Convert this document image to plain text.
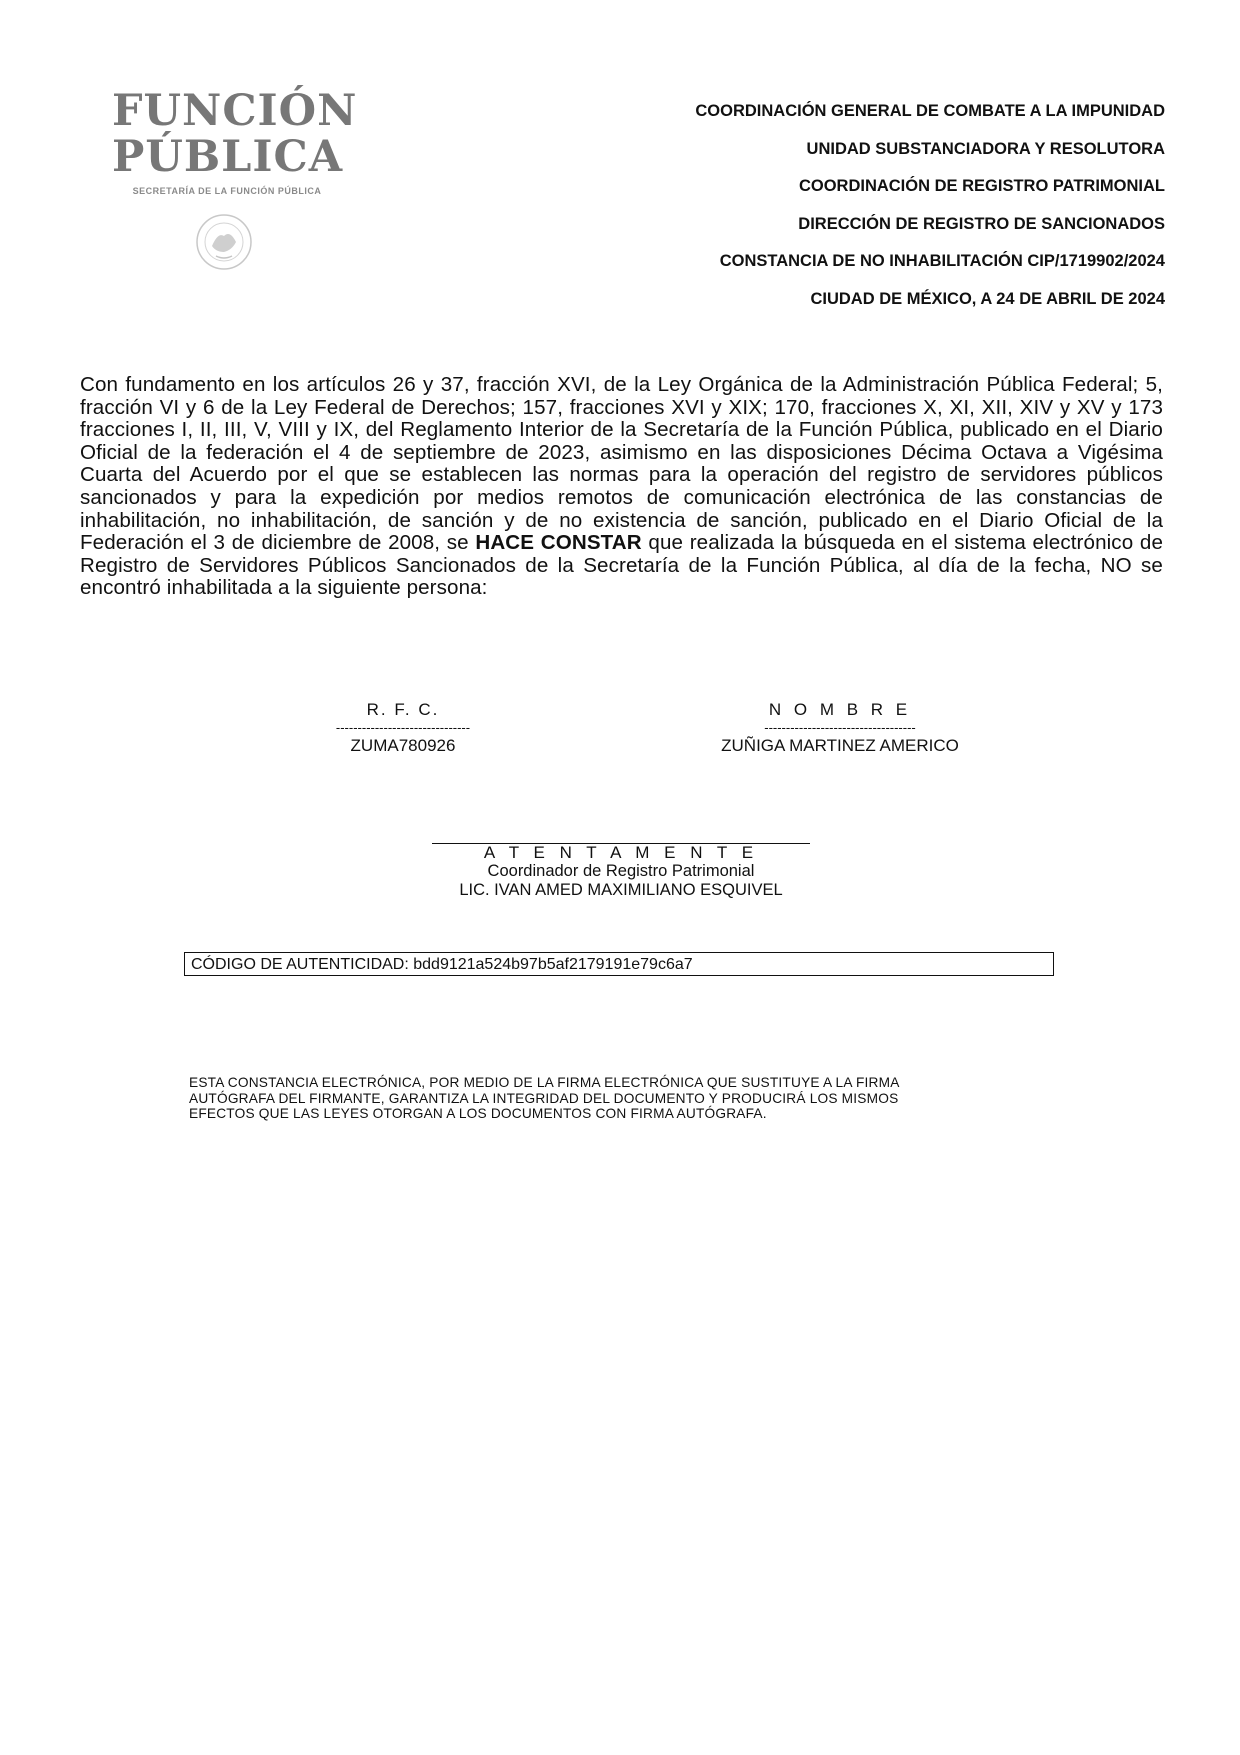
FUNCIÓN
PÚBLICA
SECRETARÍA DE LA FUNCIÓN PÚBLICA
COORDINACIÓN GENERAL DE COMBATE A LA IMPUNIDAD
UNIDAD SUBSTANCIADORA Y RESOLUTORA
COORDINACIÓN DE REGISTRO PATRIMONIAL
DIRECCIÓN DE REGISTRO DE SANCIONADOS
CONSTANCIA DE NO INHABILITACIÓN CIP/1719902/2024
CIUDAD DE MÉXICO, A 24 DE ABRIL DE 2024
Con fundamento en los artículos 26 y 37, fracción XVI, de la Ley Orgánica de la Administración Pública Federal; 5, fracción VI y 6 de la Ley Federal de Derechos; 157, fracciones XVI y XIX; 170, fracciones X, XI, XII, XIV y XV y 173 fracciones I, II, III, V, VIII y IX, del Reglamento Interior de la Secretaría de la Función Pública, publicado en el Diario Oficial de la federación el 4 de septiembre de 2023, asimismo en las disposiciones Décima Octava a Vigésima Cuarta del Acuerdo por el que se establecen las normas para la operación del registro de servidores públicos sancionados y para la expedición por medios remotos de comunicación electrónica de las constancias de inhabilitación, no inhabilitación, de sanción y de no existencia de sanción, publicado en el Diario Oficial de la Federación el 3 de diciembre de 2008, se HACE CONSTAR que realizada la búsqueda en el sistema electrónico de Registro de Servidores Públicos Sancionados de la Secretaría de la Función Pública, al día de la fecha, NO se encontró inhabilitada a la siguiente persona:
R. F. C.
-------------------------------
ZUMA780926
N O M B R E
-----------------------------------
ZUÑIGA MARTINEZ AMERICO
A T E N T A M E N T E
Coordinador de Registro Patrimonial
LIC. IVAN AMED MAXIMILIANO ESQUIVEL
CÓDIGO DE AUTENTICIDAD: bdd9121a524b97b5af2179191e79c6a7
ESTA CONSTANCIA ELECTRÓNICA, POR MEDIO DE LA FIRMA ELECTRÓNICA QUE SUSTITUYE A LA FIRMA
AUTÓGRAFA DEL FIRMANTE, GARANTIZA LA INTEGRIDAD DEL DOCUMENTO Y PRODUCIRÁ LOS MISMOS
EFECTOS QUE LAS LEYES OTORGAN A LOS DOCUMENTOS CON FIRMA AUTÓGRAFA.
